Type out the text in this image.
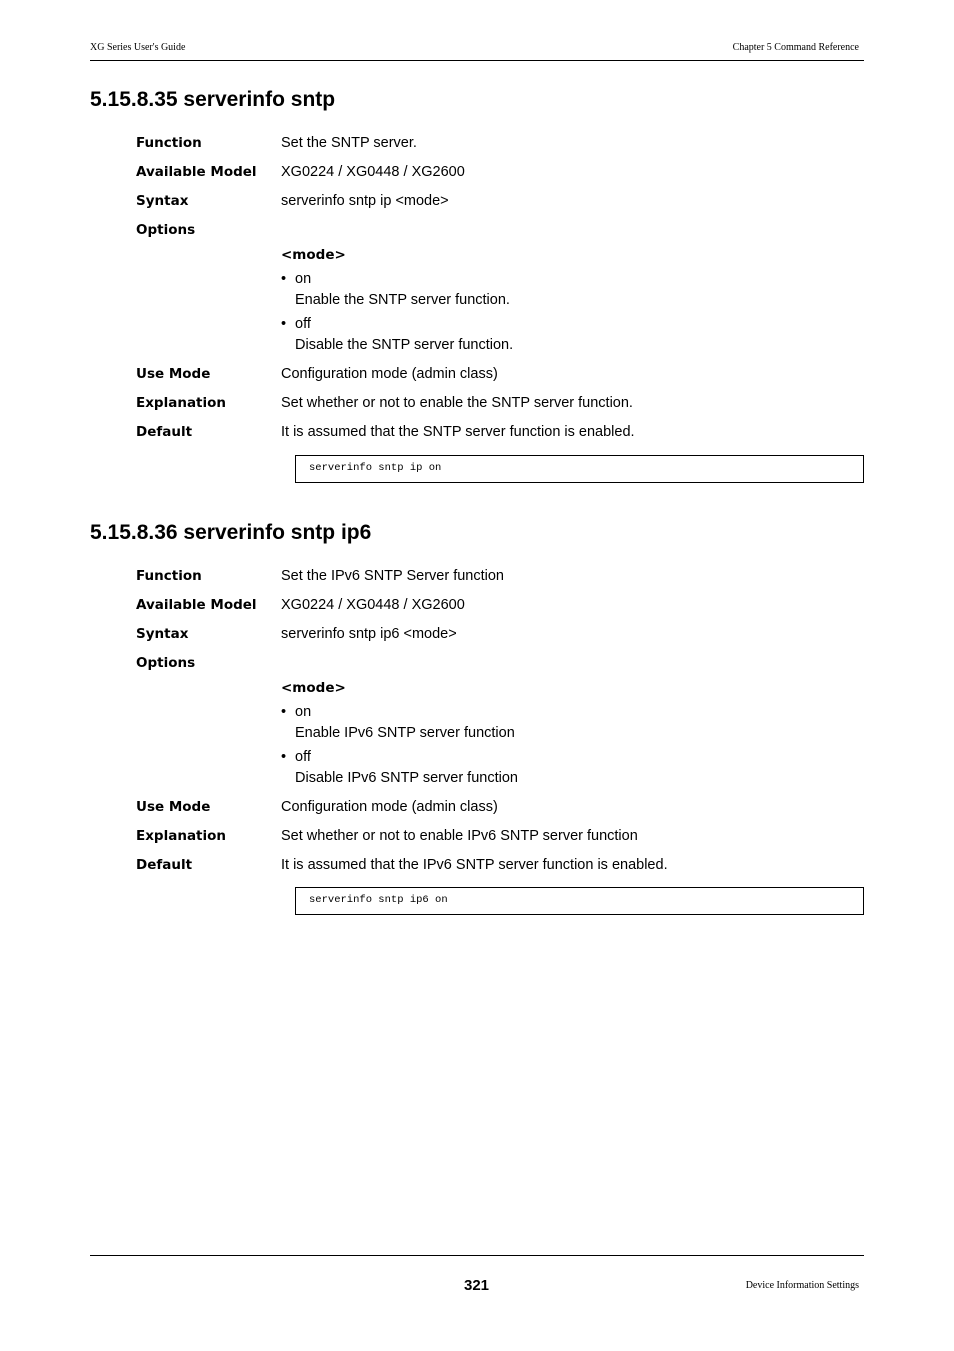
XG Series User's Guide	Chapter 5 Command Reference
5.15.8.35 serverinfo sntp
Function	Set the SNTP server.
Available Model XG0224 / XG0448 / XG2600
Syntax	serverinfo sntp ip <mode>
Options
<mode>
• on
Enable the SNTP server function.
• off
Disable the SNTP server function.
Use Mode	Configuration mode (admin class)
Explanation	Set whether or not to enable the SNTP server function.
Default	It is assumed that the SNTP server function is enabled.
serverinfo sntp ip on
5.15.8.36 serverinfo sntp ip6
Function	Set the IPv6 SNTP Server function
Available Model XG0224 / XG0448 / XG2600
Syntax	serverinfo sntp ip6 <mode>
Options
<mode>
• on
Enable IPv6 SNTP server function
• off
Disable IPv6 SNTP server function
Use Mode	Configuration mode (admin class)
Explanation	Set whether or not to enable IPv6 SNTP server function
Default	It is assumed that the IPv6 SNTP server function is enabled.
serverinfo sntp ip6 on
321	Device Information Settings
